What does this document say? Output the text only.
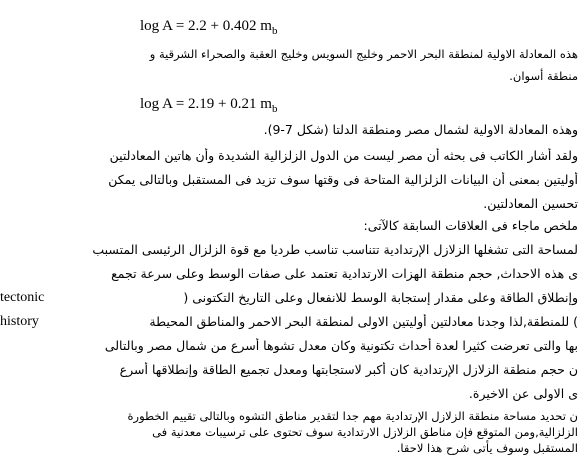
log A = 2.2 + 0.402 $m_b$
هذه المعادلة الاولية لمنطقة البحر الاحمر وخليج السويس وخليج العقبة والصحراء الشرقية و
منطقة أسوان.
log A = 2.19 + 0.21 $m_b$
وهذه المعادلة الاولية لشمال مصر ومنطقة الدلتا (شكل 7-9).
ولقد أشار الكاتب فى بحثه أن مصر ليست من الدول الزلزالية الشديدة وأن هاتين المعادلتين
أوليتين بمعنى أن البيانات الزلزالية المتاحة فى وقتها سوف تزيد فى المستقبل وبالتالى يمكن
تحسين المعادلتين.
ملخص ماجاء فى العلاقات السابقة كالآتى:
لمساحة التى تشغلها الزلازل الإرتدادية تتناسب تناسب طرديا مع قوة الزلزال الرئيسى المتسبب
ى هذه الاحداث, حجم منطقة الهزات الارتدادية تعتمد على صفات الوسط وعلى سرعة تجمع
وإنطلاق الطاقة وعلى مقدار إستجابة الوسط للانفعال وعلى التاريخ التكتونى (
tectonic
) للمنطقة,لذا وجدنا معادلتين أوليتين الاولى لمنطقة البحر الاحمر والمناطق المحيطة
history
بها والتى تعرضت كثيرا لعدة أحداث تكتونية وكان معدل تشوها أسرع من شمال مصر وبالتالى
ن حجم منطقة الزلازل الإرتدادية كان أكبر لاستجابتها ومعدل تجميع الطاقة وإنطلاقها أسرع
ى الاولى عن الاخيرة.
ن تحديد مساحة منطقة الزلازل الإرتدادية مهم جدا لتقدير مناطق التشوه وبالتالى تقييم الخطورة
الزلزالية,ومن المتوقع فإن مناطق الزلازل الارتدادية سوف تحتوى على ترسيبات معدنية فى
المستقبل وسوف يأتى شرح هذا لاحقا.
